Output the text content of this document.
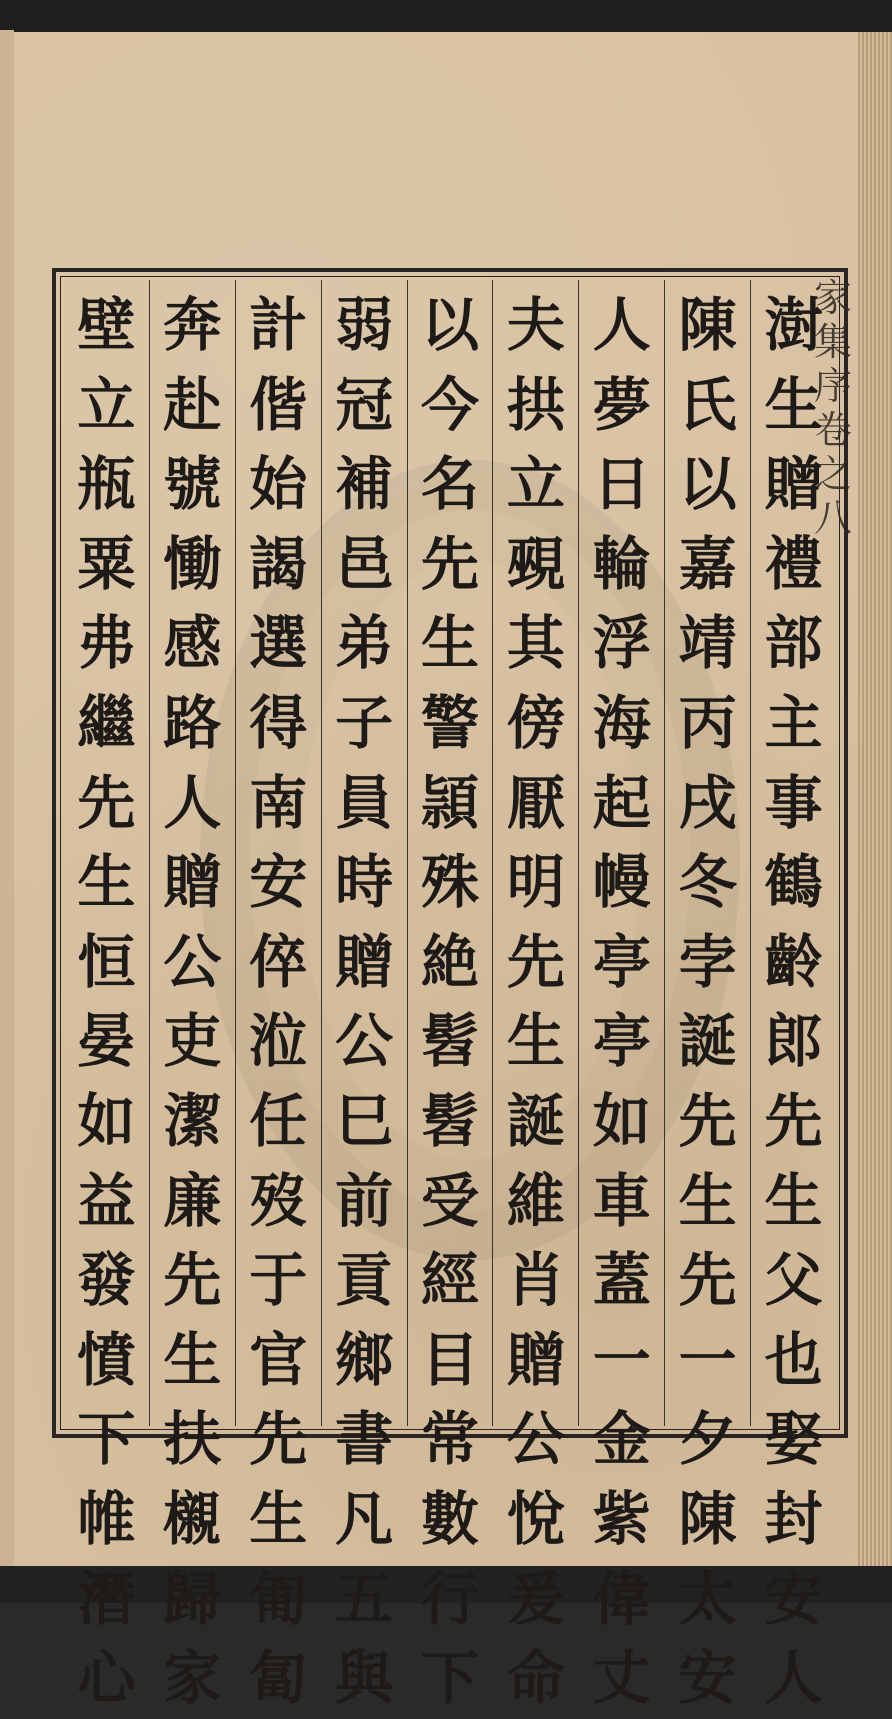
家
集
序
卷
之
八
澍
生
贈
禮
部
主
事
鶴
齡
郎
先
生
父
也
娶
封
安
人
陳
氏
以
嘉
靖
丙
戌
冬
孛
誕
先
生
先
一
夕
陳
太
安
人
夢
日
輪
浮
海
起
幔
亭
亭
如
車
蓋
一
金
紫
偉
丈
夫
拱
立
覡
其
傍
厭
明
先
生
誕
維
肖
贈
公
悅
爰
命
以
今
名
先
生
警
頴
殊
絶
髫
髫
受
經
目
常
數
行
下
弱
冠
補
邑
弟
子
員
時
贈
公
巳
前
貢
鄉
書
凡
五
與
計
偕
始
謁
選
得
南
安
倅
涖
任
歿
于
官
先
生
匍
匐
奔
赴
號
慟
感
路
人
贈
公
吏
潔
廉
先
生
扶
櫬
歸
家
壁
立
瓶
粟
弗
繼
先
生
恒
晏
如
益
發
憤
下
帷
潛
心
